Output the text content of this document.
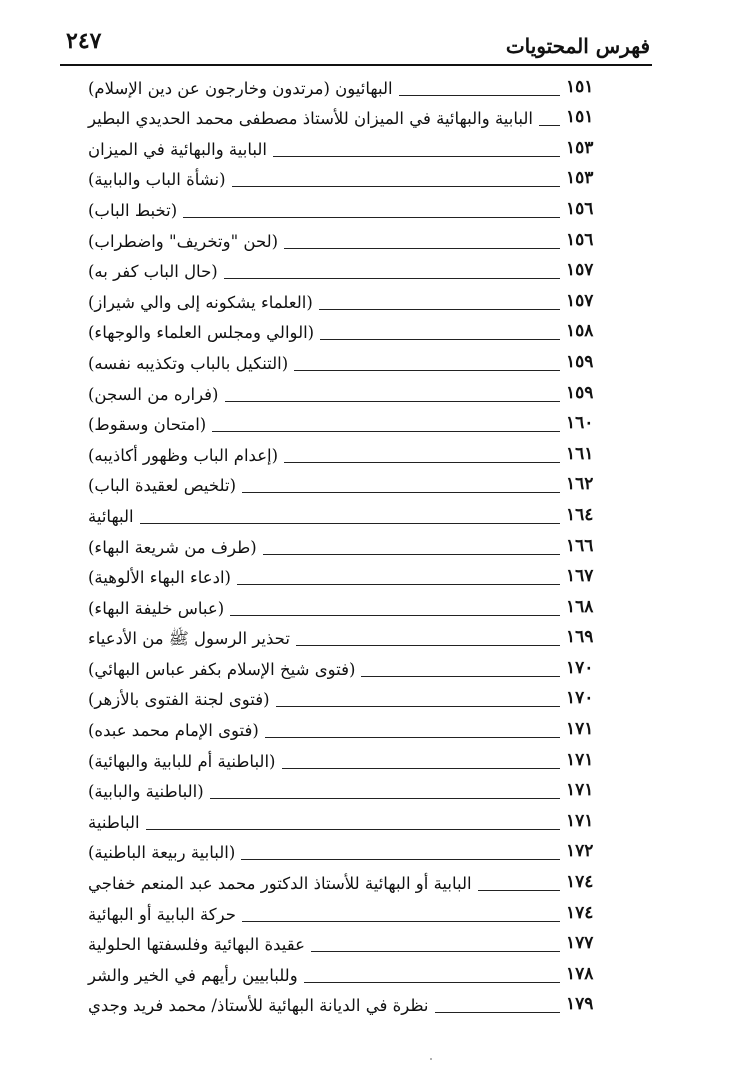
فهرس المحتويات
٢٤٧
البهائيون (مرتدون وخارجون عن دين الإسلام)	١٥١
البابية والبهائية في الميزان للأستاذ مصطفى محمد الحديدي البطير ١٥١
البابية والبهائية في الميزان	١٥٣
(نشأة الباب والبابية)	١٥٣
(تخبط الباب)	١٥٦
(لحن "وتخريف" واضطراب)	١٥٦
(حال الباب كفر به)	١٥٧
(العلماء يشكونه إلى والي شيراز)	١٥٧
(الوالي ومجلس العلماء والوجهاء)	١٥٨
(التنكيل بالباب وتكذيبه نفسه)	١٥٩
(فراره من السجن)	١٥٩
(امتحان وسقوط)	١٦٠
(إعدام الباب وظهور أكاذيبه)	١٦١
(تلخيص لعقيدة الباب)	١٦٢
البهائية	١٦٤
(طرف من شريعة البهاء)	١٦٦
(ادعاء البهاء الألوهية)	١٦٧
(عباس خليفة البهاء)	١٦٨
تحذير الرسول ﷺ من الأدعياء	١٦٩
(فتوى شيخ الإسلام بكفر عباس البهائي)	١٧٠
(فتوى لجنة الفتوى بالأزهر)	١٧٠
(فتوى الإمام محمد عبده)	١٧١
(الباطنية أم للبابية والبهائية)	١٧١
(الباطنية والبابية)	١٧١
الباطنية	١٧١
(البابية ربيعة الباطنية)	١٧٢
البابية أو البهائية للأستاذ الدكتور محمد عبد المنعم خفاجي	١٧٤
حركة البابية أو البهائية	١٧٤
عقيدة البهائية وفلسفتها الحلولية	١٧٧
وللبابيين رأيهم في الخير والشر	١٧٨
نظرة في الديانة البهائية للأستاذ/ محمد فريد وجدي	١٧٩
